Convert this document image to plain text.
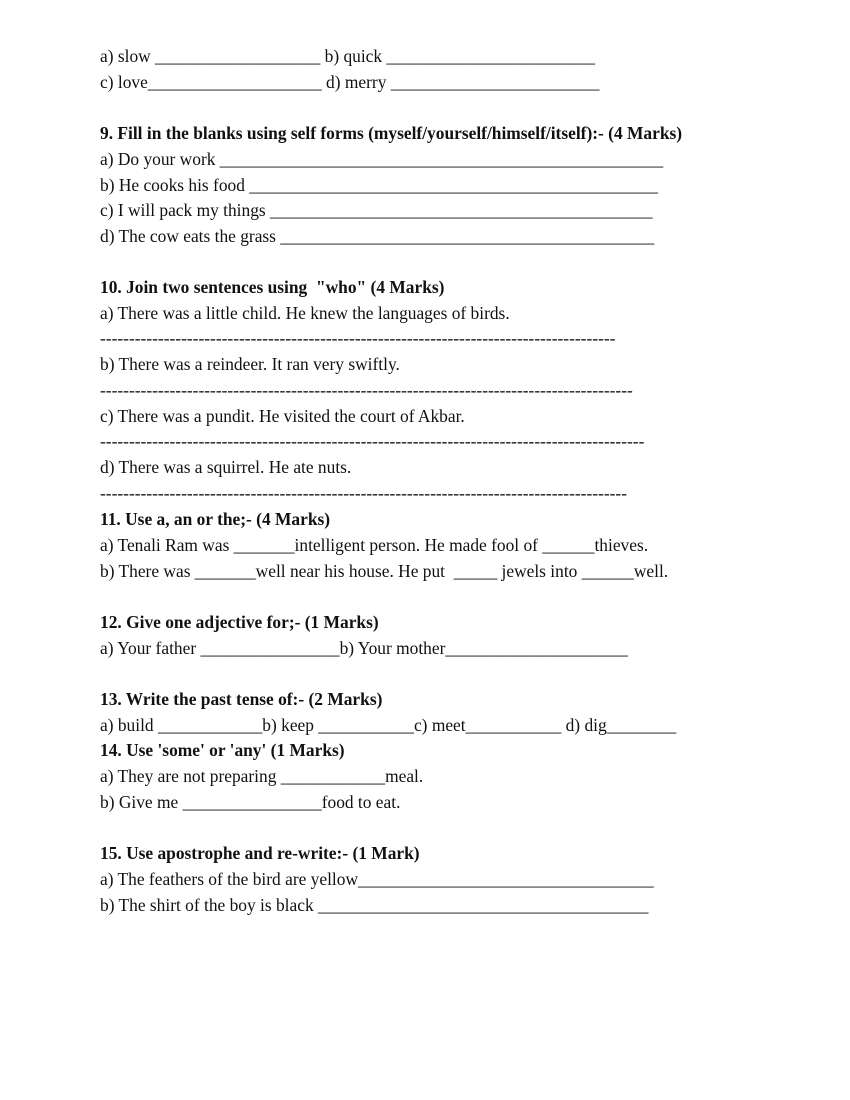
a) slow ___________________ b) quick ________________________
c) love____________________ d) merry ________________________
9. Fill in the blanks using self forms (myself/yourself/himself/itself):- (4 Marks)
a) Do your work ___________________________________________________
b) He cooks his food _______________________________________________
c) I will pack my things ____________________________________________
d) The cow eats the grass ___________________________________________
10. Join two sentences using  "who" (4 Marks)
a) There was a little child. He knew the languages of birds.
-----------------------------------------------------------------------------------------
b) There was a reindeer. It ran very swiftly.
--------------------------------------------------------------------------------------------
c) There was a pundit. He visited the court of Akbar.
----------------------------------------------------------------------------------------------
d) There was a squirrel. He ate nuts.
-------------------------------------------------------------------------------------------
11. Use a, an or the;- (4 Marks)
a) Tenali Ram was _______intelligent person. He made fool of ______thieves.
b) There was _______well near his house. He put  _____ jewels into ______well.
12. Give one adjective for;- (1 Marks)
a) Your father ________________b) Your mother_____________________
13. Write the past tense of:- (2 Marks)
a) build ____________b) keep ___________c) meet___________ d) dig________
14. Use 'some' or 'any' (1 Marks)
a) They are not preparing ____________meal.
b) Give me ________________food to eat.
15. Use apostrophe and re-write:- (1 Mark)
a) The feathers of the bird are yellow__________________________________
b) The shirt of the boy is black ______________________________________
